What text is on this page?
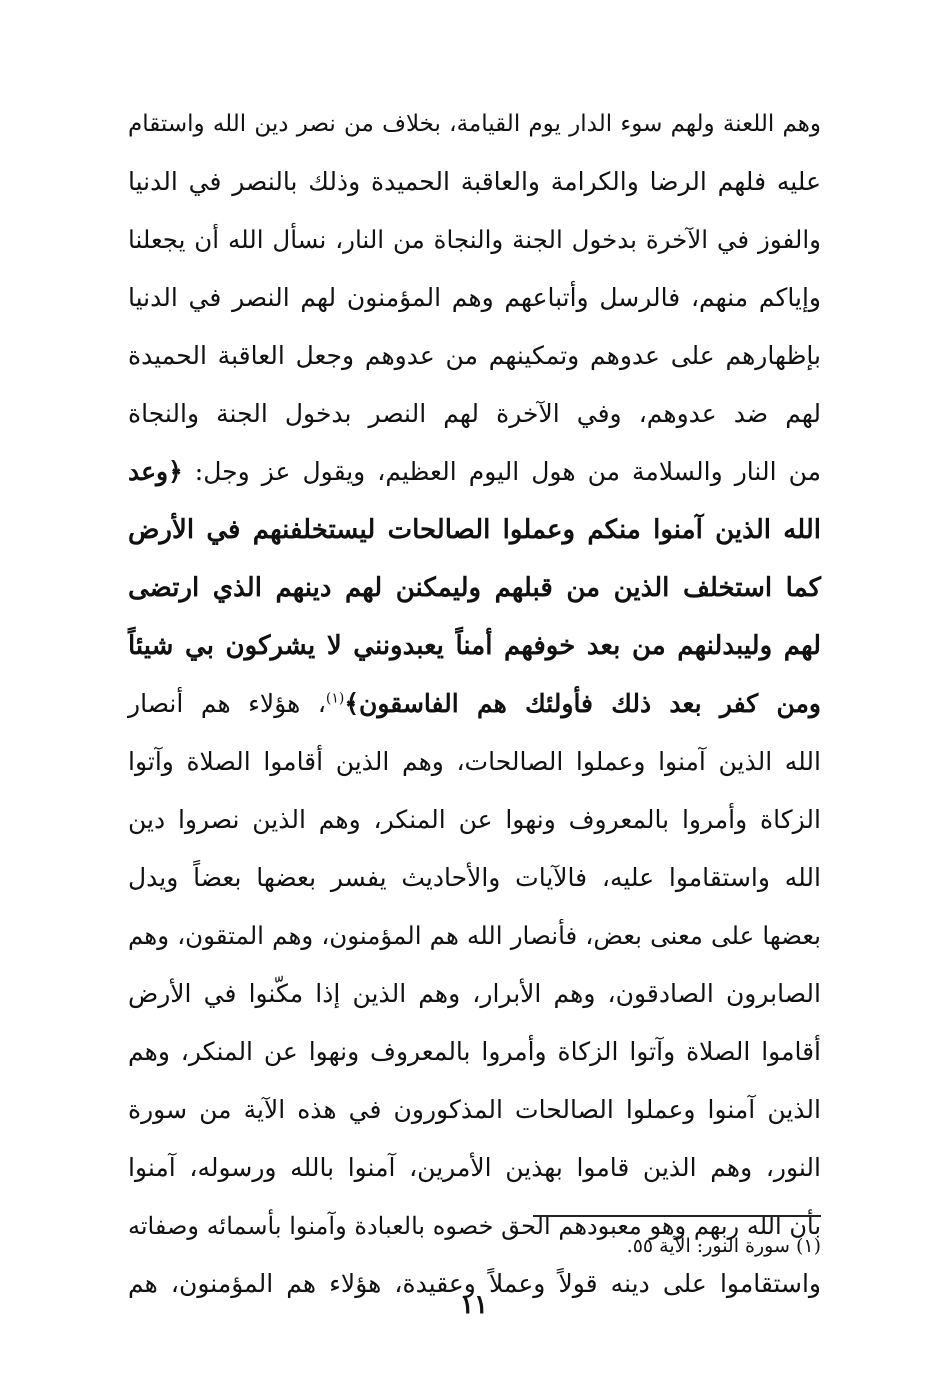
وهم اللعنة ولهم سوء الدار يوم القيامة، بخلاف من نصر دين الله واستقام
عليه فلهم الرضا والكرامة والعاقبة الحميدة وذلك بالنصر في الدنيا
والفوز في الآخرة بدخول الجنة والنجاة من النار، نسأل الله أن يجعلنا
وإياكم منهم، فالرسل وأتباعهم وهم المؤمنون لهم النصر في الدنيا
بإظهارهم على عدوهم وتمكينهم من عدوهم وجعل العاقبة الحميدة
لهم ضد عدوهم، وفي الآخرة لهم النصر بدخول الجنة والنجاة
من النار والسلامة من هول اليوم العظيم، ويقول عز وجل: ﴿وعد
الله الذين آمنوا منكم وعملوا الصالحات ليستخلفنهم في الأرض
كما استخلف الذين من قبلهم وليمكنن لهم دينهم الذي ارتضى
لهم وليبدلنهم من بعد خوفهم أمناً يعبدونني لا يشركون بي شيئاً
ومن كفر بعد ذلك فأولئك هم الفاسقون﴾$^{(١)}$، هؤلاء هم أنصار
الله الذين آمنوا وعملوا الصالحات، وهم الذين أقاموا الصلاة وآتوا
الزكاة وأمروا بالمعروف ونهوا عن المنكر، وهم الذين نصروا دين
الله واستقاموا عليه، فالآيات والأحاديث يفسر بعضها بعضاً ويدل
بعضها على معنى بعض، فأنصار الله هم المؤمنون، وهم المتقون، وهم
الصابرون الصادقون، وهم الأبرار، وهم الذين إذا مكّنوا في الأرض
أقاموا الصلاة وآتوا الزكاة وأمروا بالمعروف ونهوا عن المنكر، وهم
الذين آمنوا وعملوا الصالحات المذكورون في هذه الآية من سورة
النور، وهم الذين قاموا بهذين الأمرين، آمنوا بالله ورسوله، آمنوا
بأن الله ربهم وهو معبودهم الحق خصوه بالعبادة وآمنوا بأسمائه وصفاته
واستقاموا على دينه قولاً وعملاً وعقيدة، هؤلاء هم المؤمنون، هم
(١) سورة النور: الآية ٥٥.
١١
